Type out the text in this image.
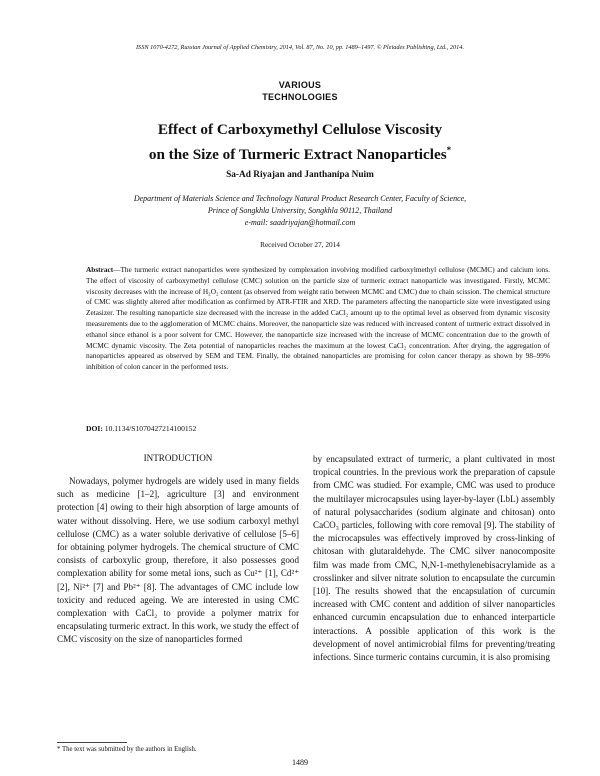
ISSN 1070-4272, Russian Journal of Applied Chemistry, 2014, Vol. 87, No. 10, pp. 1489–1497. © Pleiades Publishing, Ltd., 2014.
VARIOUS
TECHNOLOGIES
Effect of Carboxymethyl Cellulose Viscosity
on the Size of Turmeric Extract Nanoparticles*
Sa-Ad Riyajan and Janthanipa Nuim
Department of Materials Science and Technology Natural Product Research Center, Faculty of Science,
Prince of Songkhla University, Songkhla 90112, Thailand
e-mail: saadriyajan@hotmail.com
Received October 27, 2014

Abstract—The turmeric extract nanoparticles were synthesized by complexation involving modified carboxylmethyl cellulose (MCMC) and calcium ions. The effect of viscosity of carboxymethyl cellulose (CMC) solution on the particle size of turmeric extract nanoparticle was investigated. Firstly, MCMC viscosity decreases with the increase of H₂O₂ content (as observed from weight ratio between MCMC and CMC) due to chain scission. The chemical structure of CMC was slightly altered after modification as confirmed by ATR-FTIR and XRD. The parameters affecting the nanoparticle size were investigated using Zetasizer. The resulting nanoparticle size decreased with the increase in the added CaCl₂ amount up to the optimal level as observed from dynamic viscosity measurements due to the agglomeration of MCMC chains. Moreover, the nanoparticle size was reduced with increased content of turmeric extract dissolved in ethanol since ethanol is a poor solvent for CMC. However, the nanoparticle size increased with the increase of MCMC concentration due to the growth of MCMC dynamic viscosity. The Zeta potential of nanoparticles reaches the maximum at the lowest CaCl₂ concentration. After drying, the aggregation of nanoparticles appeared as observed by SEM and TEM. Finally, the obtained nanoparticles are promising for colon cancer therapy as shown by 98–99% inhibition of colon cancer in the performed tests.

DOI: 10.1134/S1070427214100152
INTRODUCTION

Nowadays, polymer hydrogels are widely used in many fields such as medicine [1–2], agriculture [3] and environment protection [4] owing to their high absorption of large amounts of water without dissolving. Here, we use sodium carboxyl methyl cellulose (CMC) as a water soluble derivative of cellulose [5–6] for obtaining polymer hydrogels. The chemical structure of CMC consists of carboxylic group, therefore, it also possesses good complexation ability for some metal ions, such as Cu²⁺ [1], Cd²⁺ [2], Ni²⁺ [7] and Pb²⁺ [8]. The advantages of CMC include low toxicity and reduced ageing. We are interested in using CMC complexation with CaCl₂ to provide a polymer matrix for encapsulating turmeric extract. In this work, we study the effect of CMC viscosity on the size of nanoparticles formed

by encapsulated extract of turmeric, a plant cultivated in most tropical countries. In the previous work the preparation of capsule from CMC was studied. For example, CMC was used to produce the multilayer microcapsules using layer-by-layer (LbL) assembly of natural polysaccharides (sodium alginate and chitosan) onto CaCO₃ particles, following with core removal [9]. The stability of the microcapsules was effectively improved by cross-linking of chitosan with glutaraldehyde. The CMC silver nanocomposite film was made from CMC, N,N-1-methylenebisacrylamide as a crosslinker and silver nitrate solution to encapsulate the curcumin [10]. The results showed that the encapsulation of curcumin increased with CMC content and addition of silver nanoparticles enhanced curcumin encapsulation due to enhanced interparticle interactions. A possible application of this work is the development of novel antimicrobial films for preventing/treating infections. Since turmeric contains curcumin, it is also promising

* The text was submitted by the authors in English.
1489
